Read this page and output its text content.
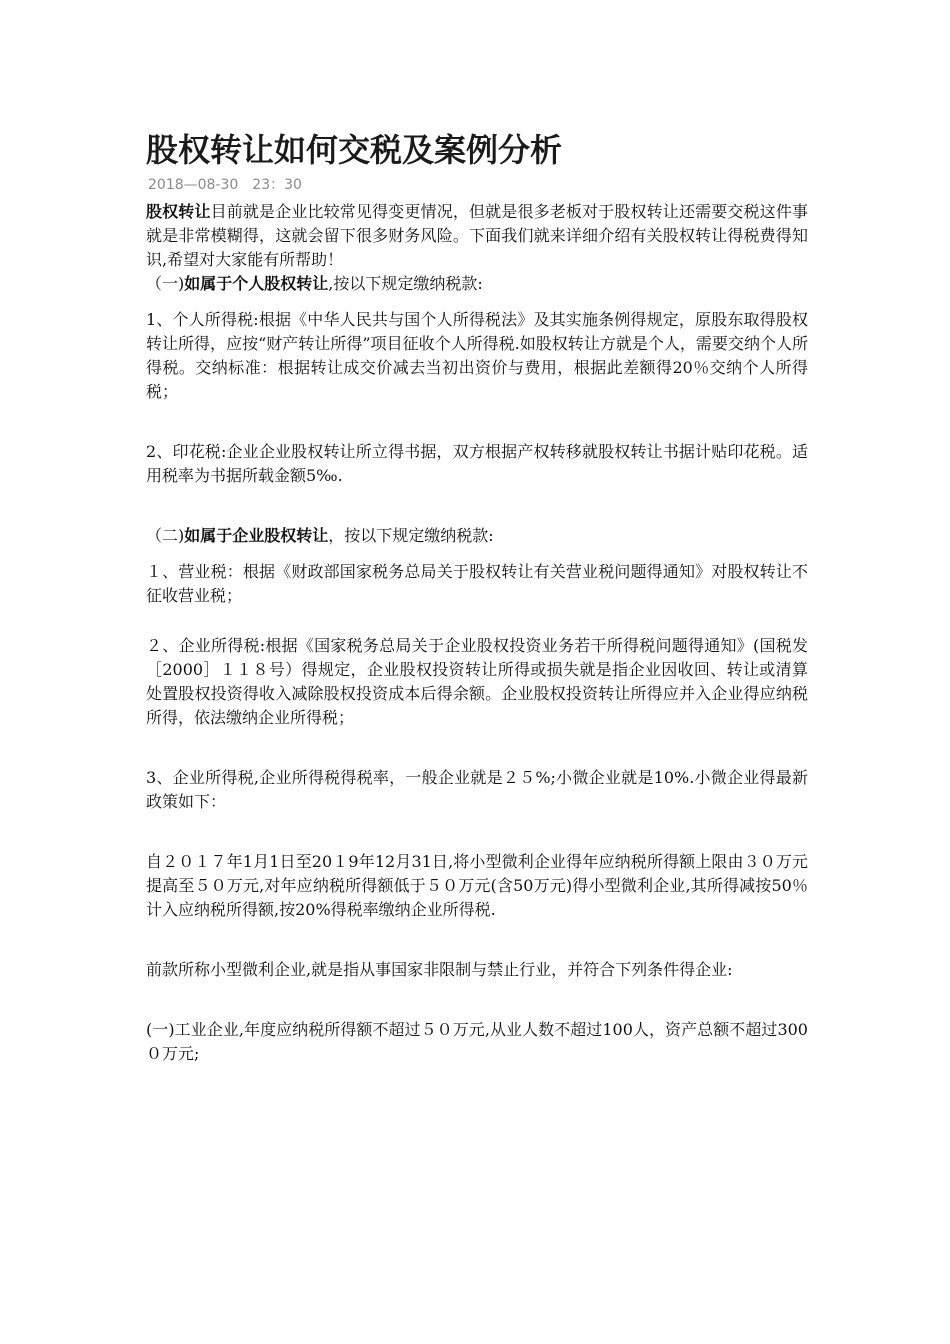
股权转让如何交税及案例分析
2018—08-30　23：30

股权转让目前就是企业比较常见得变更情况，但就是很多老板对于股权转让还需要交税这件事就是非常模糊得，这就会留下很多财务风险。下面我们就来详细介绍有关股权转让得税费得知识,希望对大家能有所帮助！

（一)如属于个人股权转让,按以下规定缴纳税款:

1、个人所得税:根据《中华人民共与国个人所得税法》及其实施条例得规定，原股东取得股权转让所得，应按“财产转让所得”项目征收个人所得税.如股权转让方就是个人，需要交纳个人所得税。交纳标准：根据转让成交价减去当初出资价与费用，根据此差额得20％交纳个人所得税；

2、印花税:企业企业股权转让所立得书据，双方根据产权转移就股权转让书据计贴印花税。适用税率为书据所载金额5‰.

（二)如属于企业股权转让，按以下规定缴纳税款:

１、营业税：根据《财政部国家税务总局关于股权转让有关营业税问题得通知》对股权转让不征收营业税；

２、企业所得税:根据《国家税务总局关于企业股权投资业务若干所得税问题得通知》(国税发［2000］１１８号）得规定，企业股权投资转让所得或损失就是指企业因收回、转让或清算处置股权投资得收入减除股权投资成本后得余额。企业股权投资转让所得应并入企业得应纳税所得，依法缴纳企业所得税；

3、企业所得税,企业所得税得税率，一般企业就是２５%;小微企业就是10%.小微企业得最新政策如下：

自２０１７年1月1日至20１9年12月31日,将小型微利企业得年应纳税所得额上限由３０万元提高至５０万元,对年应纳税所得额低于５０万元(含50万元)得小型微利企业,其所得减按50％计入应纳税所得额,按20%得税率缴纳企业所得税.

前款所称小型微利企业,就是指从事国家非限制与禁止行业，并符合下列条件得企业:

(一)工业企业,年度应纳税所得额不超过５０万元,从业人数不超过100人，资产总额不超过300０万元;
